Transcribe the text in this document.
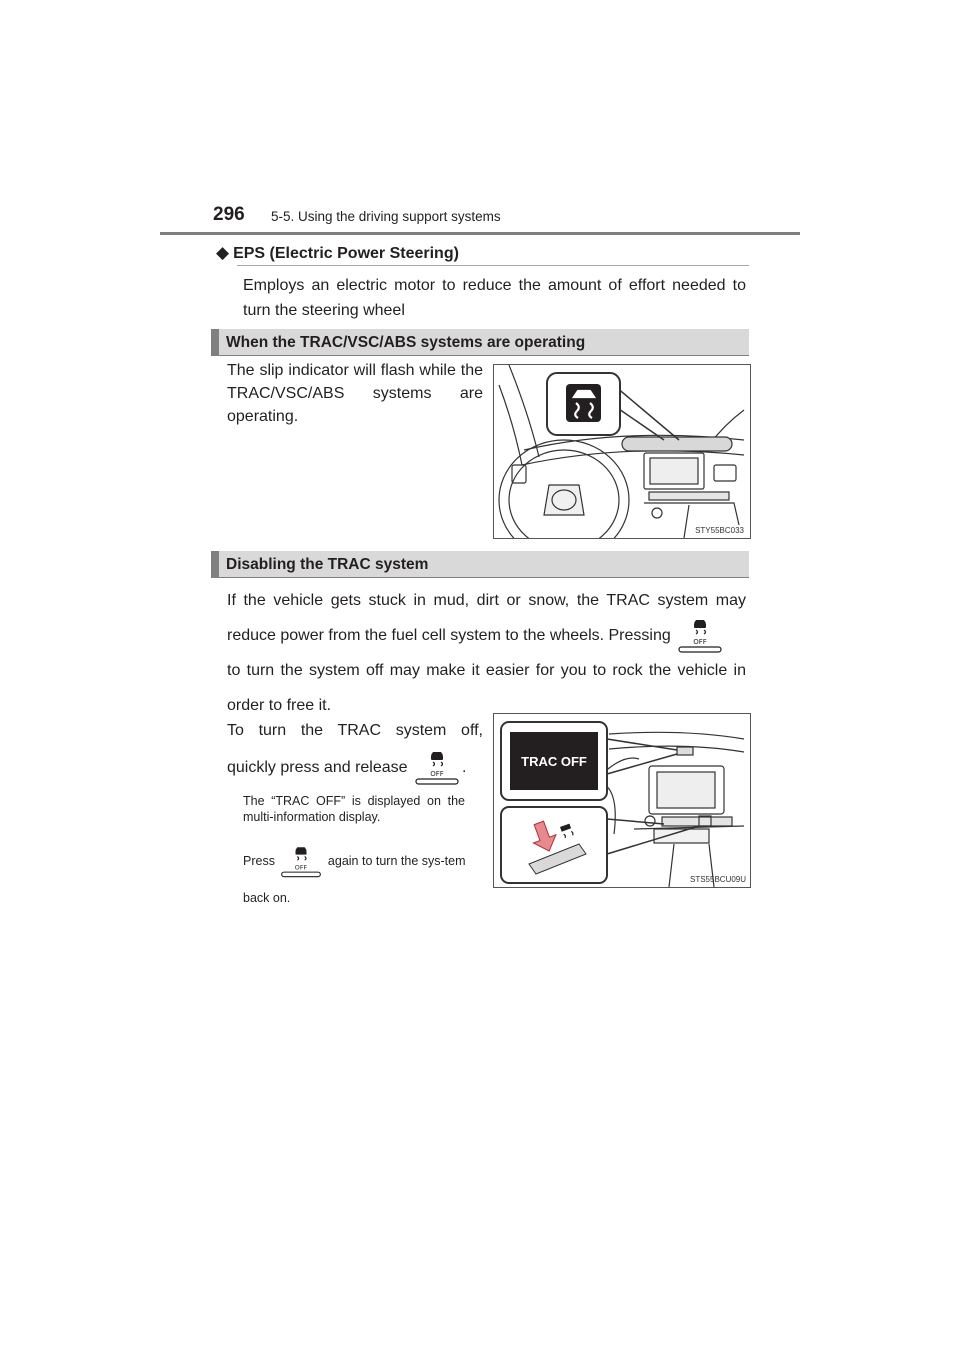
296 5-5. Using the driving support systems
◆ EPS (Electric Power Steering)
Employs an electric motor to reduce the amount of effort needed to turn the steering wheel
When the TRAC/VSC/ABS systems are operating
The slip indicator will flash while the TRAC/VSC/ABS systems are operating.
STY55BC033
Disabling the TRAC system
If the vehicle gets stuck in mud, dirt or snow, the TRAC system may reduce power from the fuel cell system to the wheels. Pressing	OFF

to turn the system off may make it easier for you to rock the vehicle in order to free it.
To turn the TRAC system off,
quickly press and release	OFF .
The “TRAC OFF” is displayed on the multi-information display.
Press	OFF again to turn the sys-tem back on.
TRAC OFF
STS55BCU09U
